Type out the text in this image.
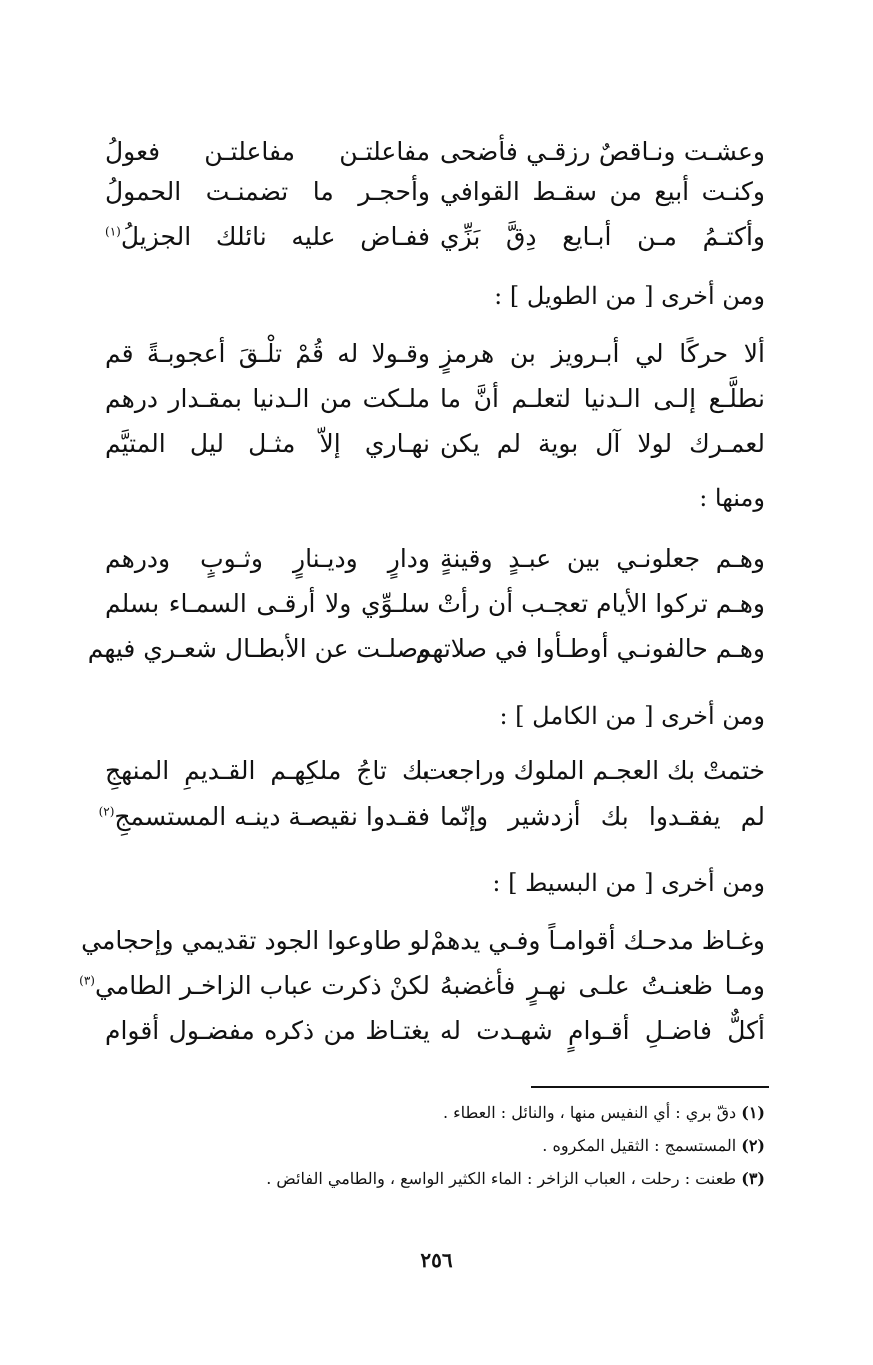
وعشـت ونـاقصٌ رزقـي فأضحى
مفاعلتـن مفاعلتـن فعولُ
وكنـت أبيع من سقـط القوافي
وأحجـر ما تضمنـت الحمولُ
وأكتـمُ مـن أبـايع دِقَّ بَزِّي
ففـاض عليه نائلك الجزيلُ$^{(١)}$
ومن أخرى [ من الطويل ] :
ألا حركًا لي أبـرويز بن هرمزٍ
وقـولا له قُمْ تلْـقَ أعجوبـةً قم
نطلَّـع إلـى الـدنيا لتعلـم أنَّ ما
ملـكت من الـدنيا بمقـدار درهم
لعمـرك لولا آل بوية لم يكن
نهـاري إلاّ مثـل ليل المتيَّم
ومنها :
وهـم جعلونـي بين عبـدٍ وقينةٍ
ودارٍ وديـنارٍ وثـوبٍ ودرهم
وهـم تركوا الأيام تعجـب أن رأتْ
سلـوِّي ولا أرقـى السمـاء بسلم
وهـم حالفونـي أوطـأوا في صلاتهم
وصلـت عن الأبطـال شعـري فيهم
ومن أخرى [ من الكامل ] :
ختمتْ بك العجـم الملوك وراجعت
بك تاجُ ملكِهـم القـديمِ المنهجِ
لم يفقـدوا بك أزدشير وإنّما
فقـدوا نقيصـة دينـه المستسمجِ$^{(٢)}$
ومن أخرى [ من البسيط ] :
وغـاظ مدحـك أقوامـاً وفـي يدهمْ
لو طاوعوا الجود تقديمي وإحجامي
ومـا ظعنـتُ علـى نهـرٍ فأغضبهُ
لكنْ ذكرت عباب الزاخـر الطامي$^{(٣)}$
أكلٌّ فاضـلِ أقـوامٍ شهـدت له
يغتـاظ من ذكره مفضـول أقوام
(١) دقّ بري : أي النفيس منها ، والنائل : العطاء .
(٢) المستسمج : الثقيل المكروه .
(٣) طعنت : رحلت ، العباب الزاخر : الماء الكثير الواسع ، والطامي الفائض .
٢٥٦
